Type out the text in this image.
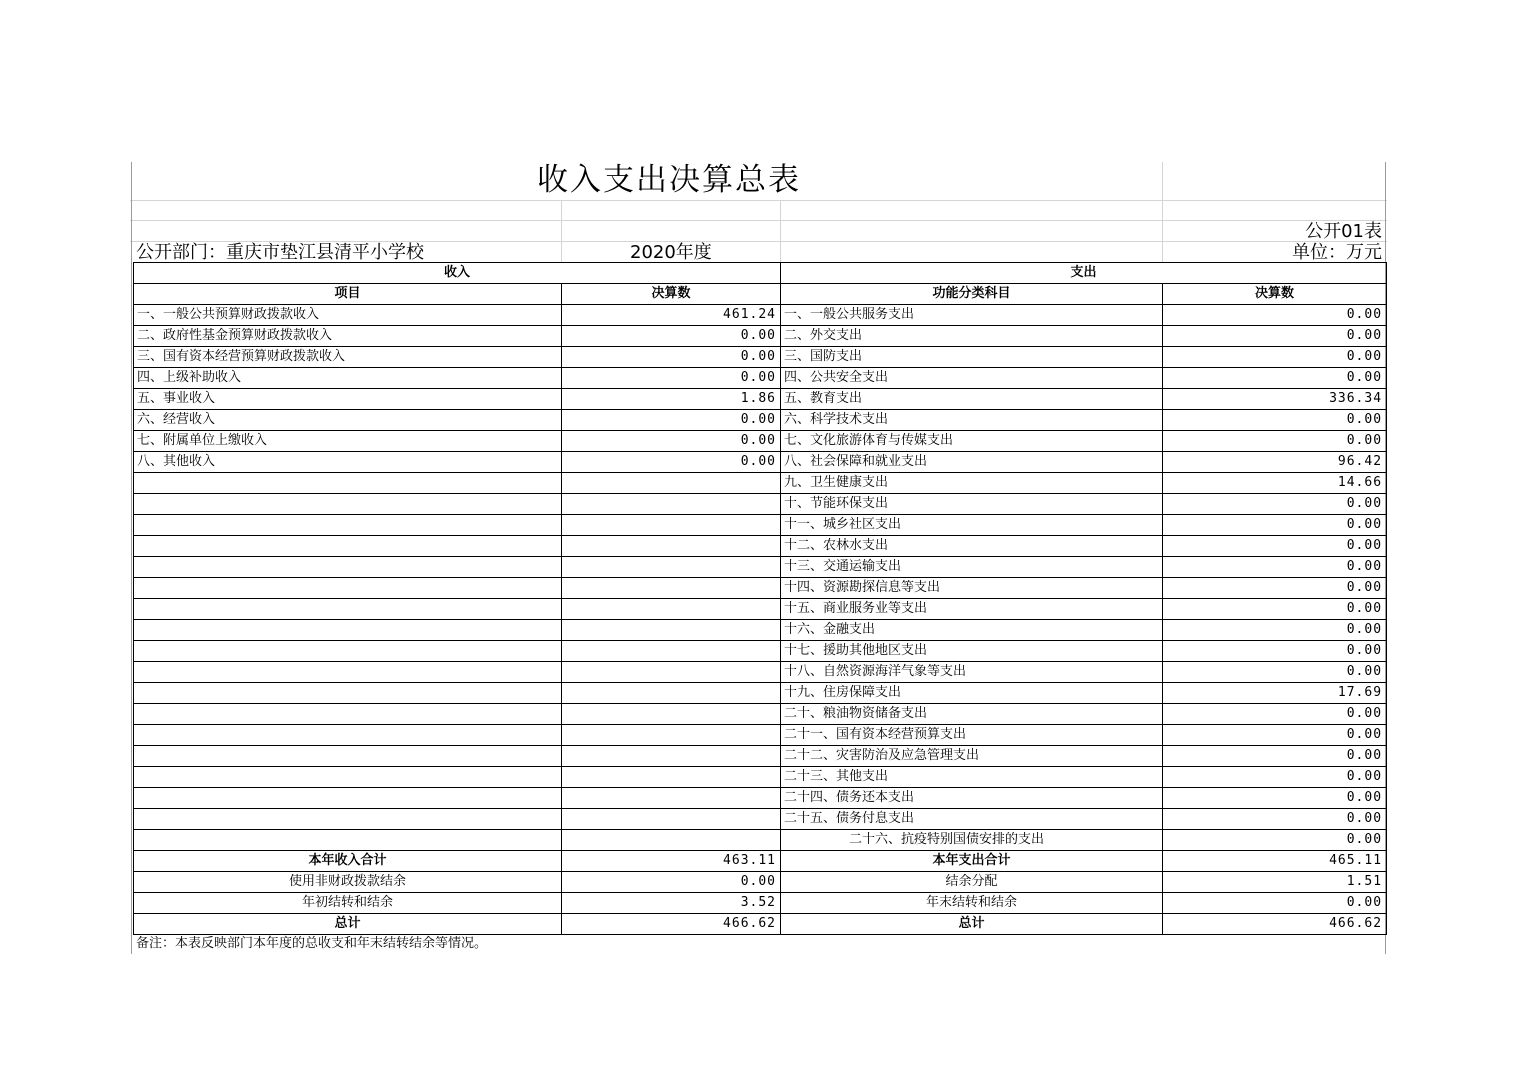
收入支出决算总表
公开01表
单位：万元
公开部门：重庆市垫江县清平小学校	2020年度
收入		支出	
项目	决算数	功能分类科目	决算数
一、一般公共预算财政拨款收入	461.24	一、一般公共服务支出	0.00
二、政府性基金预算财政拨款收入	0.00	二、外交支出	0.00
三、国有资本经营预算财政拨款收入	0.00	三、国防支出	0.00
四、上级补助收入	0.00	四、公共安全支出	0.00
五、事业收入	1.86	五、教育支出	336.34
六、经营收入	0.00	六、科学技术支出	0.00
七、附属单位上缴收入	0.00	七、文化旅游体育与传媒支出	0.00
八、其他收入	0.00	八、社会保障和就业支出	96.42
		九、卫生健康支出	14.66
		十、节能环保支出	0.00
		十一、城乡社区支出	0.00
		十二、农林水支出	0.00
		十三、交通运输支出	0.00
		十四、资源勘探信息等支出	0.00
		十五、商业服务业等支出	0.00
		十六、金融支出	0.00
		十七、援助其他地区支出	0.00
		十八、自然资源海洋气象等支出	0.00
		十九、住房保障支出	17.69
		二十、粮油物资储备支出	0.00
		二十一、国有资本经营预算支出	0.00
		二十二、灾害防治及应急管理支出	0.00
		二十三、其他支出	0.00
		二十四、债务还本支出	0.00
		二十五、债务付息支出	0.00
		二十六、抗疫特别国债安排的支出	0.00
本年收入合计	463.11	本年支出合计	465.11
使用非财政拨款结余	0.00	结余分配	1.51
年初结转和结余	3.52	年末结转和结余	0.00
总计	466.62	总计	466.62
备注：本表反映部门本年度的总收支和年末结转结余等情况。
